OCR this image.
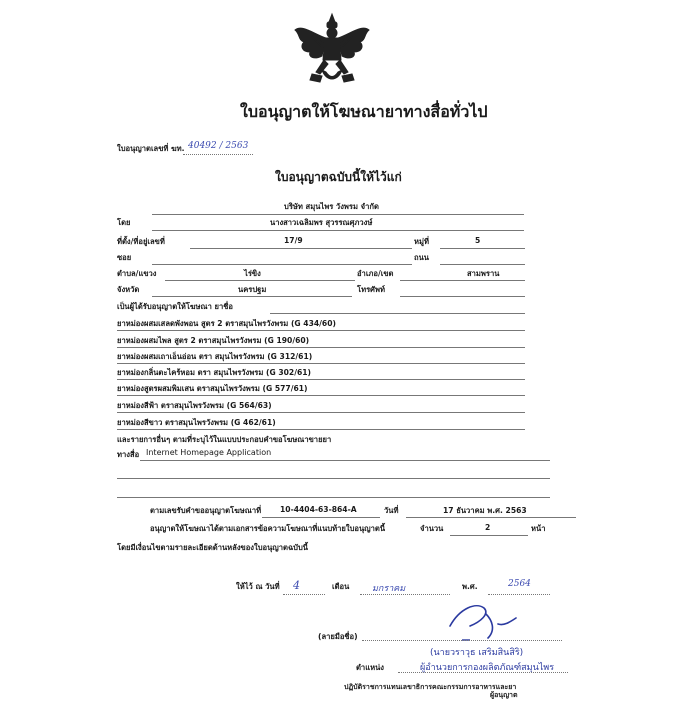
ใบอนุญาตให้โฆษณายาทางสื่อทั่วไป
ใบอนุญาตเลขที่ ฆท. 40492 / 2563
ใบอนุญาตฉบับนี้ให้ไว้แก่
บริษัท สมุนไพร วังพรม จำกัด
โดย	นางสาวเฉลิมพร สุวรรณศุภวงษ์
ที่ตั้ง/ที่อยู่เลขที่	17/9	หมู่ที่	5
ซอย	ถนน
ตำบล/แขวง	ไร่ขิง	อำเภอ/เขต	สามพราน
จังหวัด	นครปฐม	โทรศัพท์
เป็นผู้ได้รับอนุญาตให้โฆษณา ยาชื่อ
ยาหม่องผสมเสลดพังพอน สูตร 2 ตราสมุนไพรวังพรม (G 434/60)
ยาหม่องผสมไพล สูตร 2 ตราสมุนไพรวังพรม (G 190/60)
ยาหม่องผสมเถาเอ็นอ่อน ตรา สมุนไพรวังพรม (G 312/61)
ยาหม่องกลิ่นตะไคร้หอม ตรา สมุนไพรวังพรม (G 302/61)
ยาหม่องสูตรผสมพิมเสน ตราสมุนไพรวังพรม (G 577/61)
ยาหม่องสีฟ้า ตราสมุนไพรวังพรม (G 564/63)
ยาหม่องสีขาว ตราสมุนไพรวังพรม (G 462/61)
และรายการอื่นๆ ตามที่ระบุไว้ในแบบประกอบคำขอโฆษณาขายยา
ทางสื่อ Internet Homepage Application
ตามเลขรับคำขออนุญาตโฆษณาที่ 10-4404-63-864-A	วันที่	17 ธันวาคม พ.ศ. 2563
อนุญาตให้โฆษณาได้ตามเอกสารข้อความโฆษณาที่แนบท้ายใบอนุญาตนี้	จำนวน	2	หน้า
โดยมีเงื่อนไขตามรายละเอียดด้านหลังของใบอนุญาตฉบับนี้
ให้ไว้ ณ วันที่ 4	เดือน	มกราคม	พ.ศ.	2564
(ลายมือชื่อ)
(นายวราวุธ เสริมสินสิริ)
ตำแหน่ง	ผู้อำนวยการกองผลิตภัณฑ์สมุนไพร
ปฏิบัติราชการแทนเลขาธิการคณะกรรมการอาหารและยา
ผู้อนุญาต
